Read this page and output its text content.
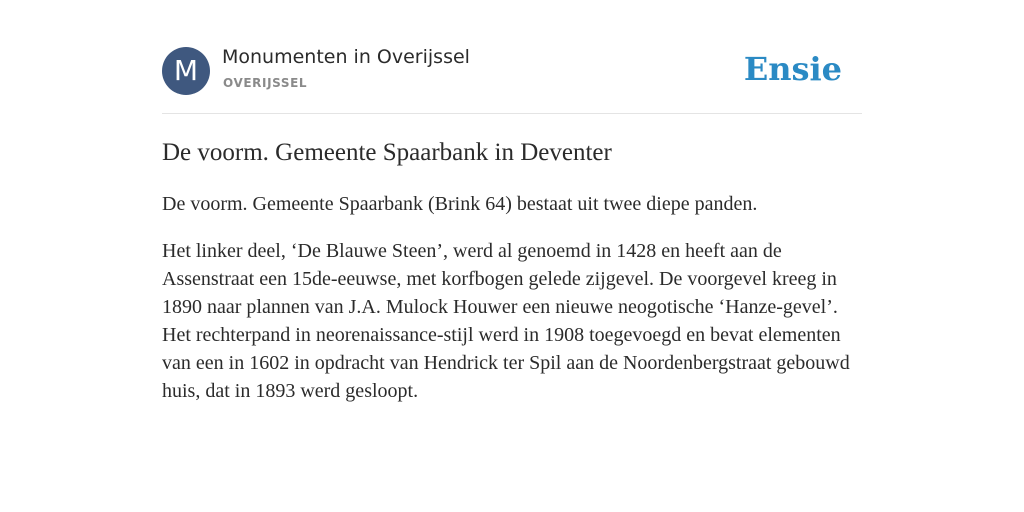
M	Monumenten in Overijssel
OVERIJSSEL	Ensie
De voorm. Gemeente Spaarbank in Deventer

De voorm. Gemeente Spaarbank (Brink 64) bestaat uit twee diepe panden.

Het linker deel, ‘De Blauwe Steen’, werd al genoemd in 1428 en heeft aan de Assenstraat een 15de-eeuwse, met korfbogen gelede zijgevel. De voorgevel kreeg in 1890 naar plannen van J.A. Mulock Houwer een nieuwe neogotische ‘Hanze-gevel’. Het rechterpand in neorenaissance-stijl werd in 1908 toegevoegd en bevat elementen van een in 1602 in opdracht van Hendrick ter Spil aan de Noordenbergstraat gebouwd huis, dat in 1893 werd gesloopt.
